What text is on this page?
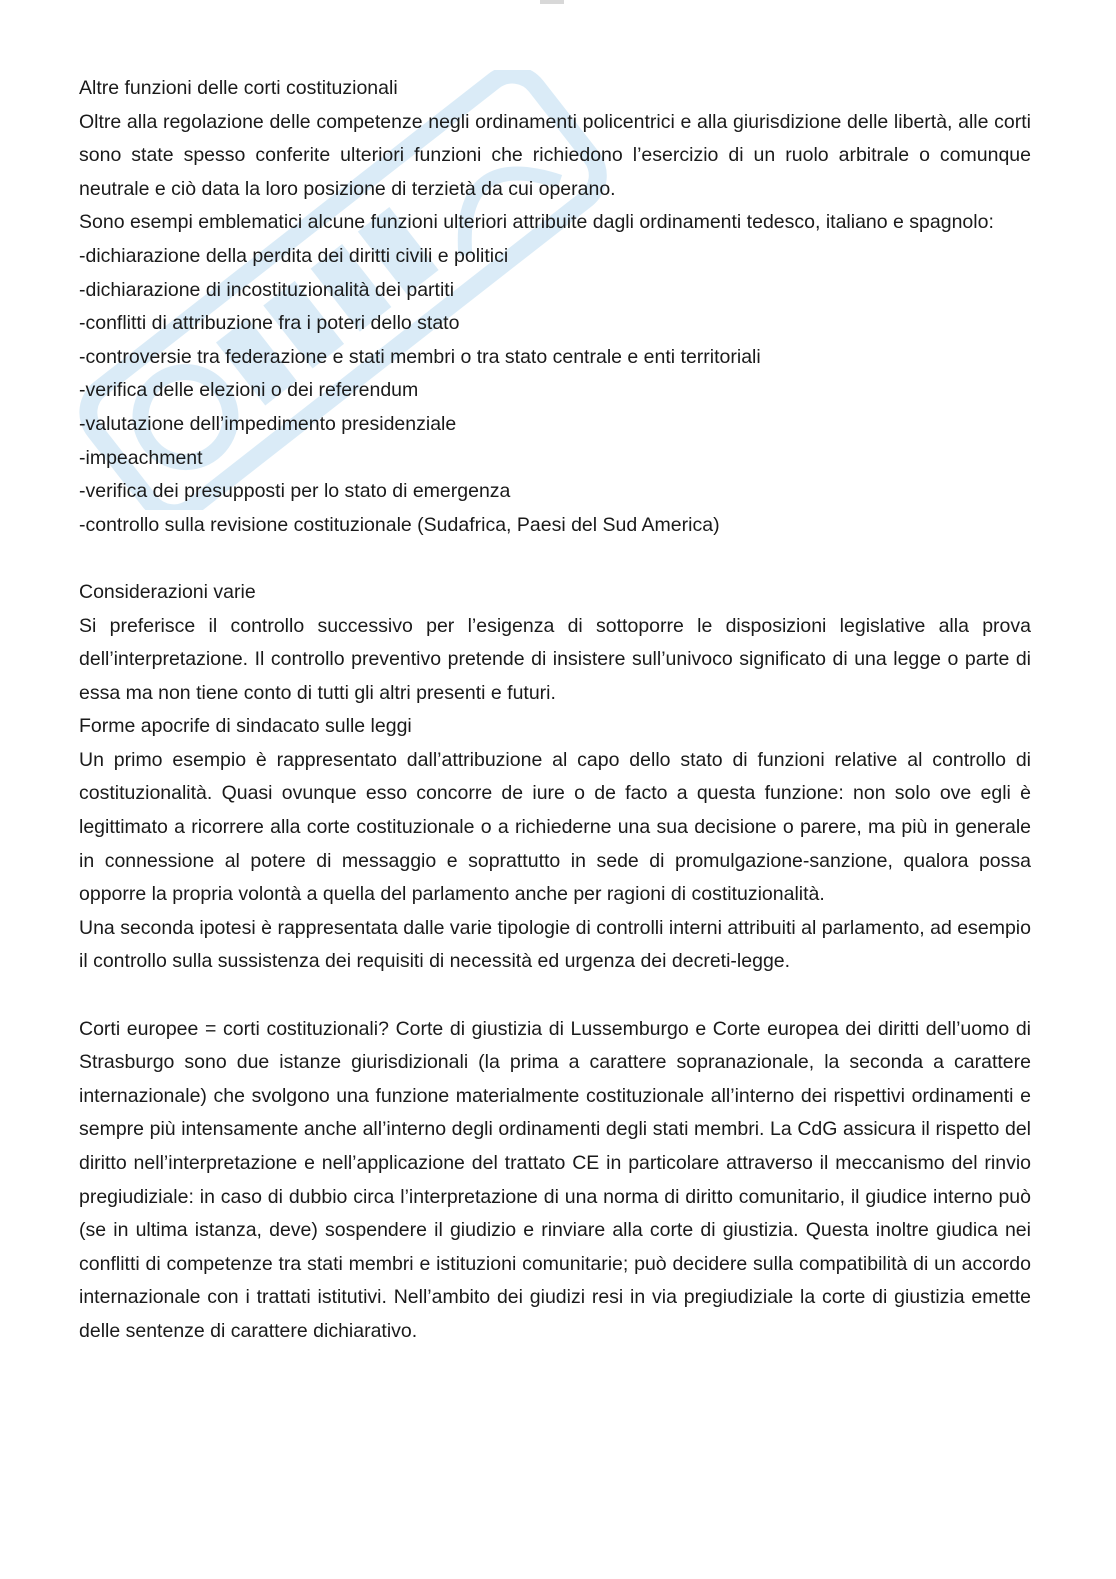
Altre funzioni delle corti costituzionali

Oltre alla regolazione delle competenze negli ordinamenti policentrici e alla giurisdizione delle libertà, alle corti sono state spesso conferite ulteriori funzioni che richiedono l’esercizio di un ruolo arbitrale o comunque neutrale e ciò data la loro posizione di terzietà da cui operano.

Sono esempi emblematici alcune funzioni ulteriori attribuite dagli ordinamenti tedesco, italiano e spagnolo:

-dichiarazione della perdita dei diritti civili e politici
-dichiarazione di incostituzionalità dei partiti
-conflitti di attribuzione fra i poteri dello stato
-controversie tra federazione e stati membri o tra stato centrale e enti territoriali
-verifica delle elezioni o dei referendum
-valutazione dell’impedimento presidenziale
-impeachment
-verifica dei presupposti per lo stato di emergenza
-controllo sulla revisione costituzionale (Sudafrica, Paesi del Sud America)
Considerazioni varie

Si preferisce il controllo successivo per l’esigenza di sottoporre le disposizioni legislative alla prova dell’interpretazione. Il controllo preventivo pretende di insistere sull’univoco significato di una legge o parte di essa ma non tiene conto di tutti gli altri presenti e futuri.

Forme apocrife di sindacato sulle leggi

Un primo esempio è rappresentato dall’attribuzione al capo dello stato di funzioni relative al controllo di costituzionalità. Quasi ovunque esso concorre de iure o de facto a questa funzione: non solo ove egli è legittimato a ricorrere alla corte costituzionale o a richiederne una sua decisione o parere, ma più in generale in connessione al potere di messaggio e soprattutto in sede di promulgazione-sanzione, qualora possa opporre la propria volontà a quella del parlamento anche per ragioni di costituzionalità.

Una seconda ipotesi è rappresentata dalle varie tipologie di controlli interni attribuiti al parlamento, ad esempio il controllo sulla sussistenza dei requisiti di necessità ed urgenza dei decreti-legge.

Corti europee = corti costituzionali? Corte di giustizia di Lussemburgo e Corte europea dei diritti dell’uomo di Strasburgo sono due istanze giurisdizionali (la prima a carattere sopranazionale, la seconda a carattere internazionale) che svolgono una funzione materialmente costituzionale all’interno dei rispettivi ordinamenti e sempre più intensamente anche all’interno degli ordinamenti degli stati membri. La CdG assicura il rispetto del diritto nell’interpretazione e nell’applicazione del trattato CE in particolare attraverso il meccanismo del rinvio pregiudiziale: in caso di dubbio circa l’interpretazione di una norma di diritto comunitario, il giudice interno può (se in ultima istanza, deve) sospendere il giudizio e rinviare alla corte di giustizia. Questa inoltre giudica nei conflitti di competenze tra stati membri e istituzioni comunitarie; può decidere sulla compatibilità di un accordo internazionale con i trattati istitutivi. Nell’ambito dei giudizi resi in via pregiudiziale la corte di giustizia emette delle sentenze di carattere dichiarativo.
